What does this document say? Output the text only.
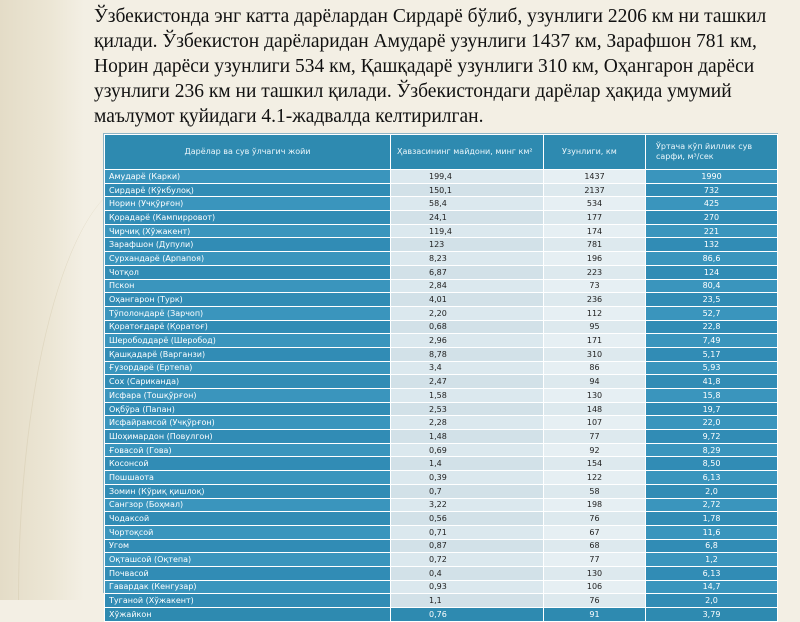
Ўзбекистонда энг катта дарёлардан Сирдарё бўлиб, узунлиги 2206 км ни ташкил қилади. Ўзбекистон дарёларидан Амударё узунлиги 1437 км, Зарафшон 781 км, Норин дарёси узунлиги 534 км, Қашқадарё узунлиги 310 км, Оҳангарон дарёси узунлиги 236 км ни ташкил қилади. Ўзбекистондаги дарёлар ҳақида умумий маълумот қуйидаги 4.1-жадвалда келтирилган.

Дарёлар ва сув ўлчагич жойи	Ҳавзасининг майдони, минг км²	Узунлиги, км	Ўртача кўп йиллик сув сарфи, м³/сек
Амударё (Карки)	199,4	1437	1990
Сирдарё (Кўкбулоқ)	150,1	2137	732
Норин (Учқўрғон)	58,4	534	425
Қорадарё (Кампирровот)	24,1	177	270
Чирчиқ (Хўжакент)	119,4	174	221
Зарафшон (Дупули)	123	781	132
Сурхандарё (Арпапоя)	8,23	196	86,6
Чотқол	6,87	223	124
Пскон	2,84	73	80,4
Оҳангарон (Турк)	4,01	236	23,5
Тўполондарё (Зарчоп)	2,20	112	52,7
Қоратоғдарё (Қоратоғ)	0,68	95	22,8
Шерободдарё (Шеробод)	2,96	171	7,49
Қашқадарё (Варганзи)	8,78	310	5,17
Ғузордарё (Ертепа)	3,4	86	5,93
Сох (Сариканда)	2,47	94	41,8
Исфара (Тошқўрғон)	1,58	130	15,8
Оқбўра (Папан)	2,53	148	19,7
Исфайрамсой (Учқўрғон)	2,28	107	22,0
Шоҳимардон (Повулгон)	1,48	77	9,72
Ғовасой (Гова)	0,69	92	8,29
Косонсой	1,4	154	8,50
Пошшаота	0,39	122	6,13
Зомин (Кўриқ қишлоқ)	0,7	58	2,0
Сангзор (Боҳмал)	3,22	198	2,72
Чодаксой	0,56	76	1,78
Чортоқсой	0,71	67	11,6
Угом	0,87	68	6,8
Оқташсой (Оқтепа)	0,72	77	1,2
Почвасой	0,4	130	6,13
Гавардак (Кенгузар)	0,93	106	14,7
Туганой (Хўжакент)	1,1	76	2,0
Хўжайкон	0,76	91	3,79
